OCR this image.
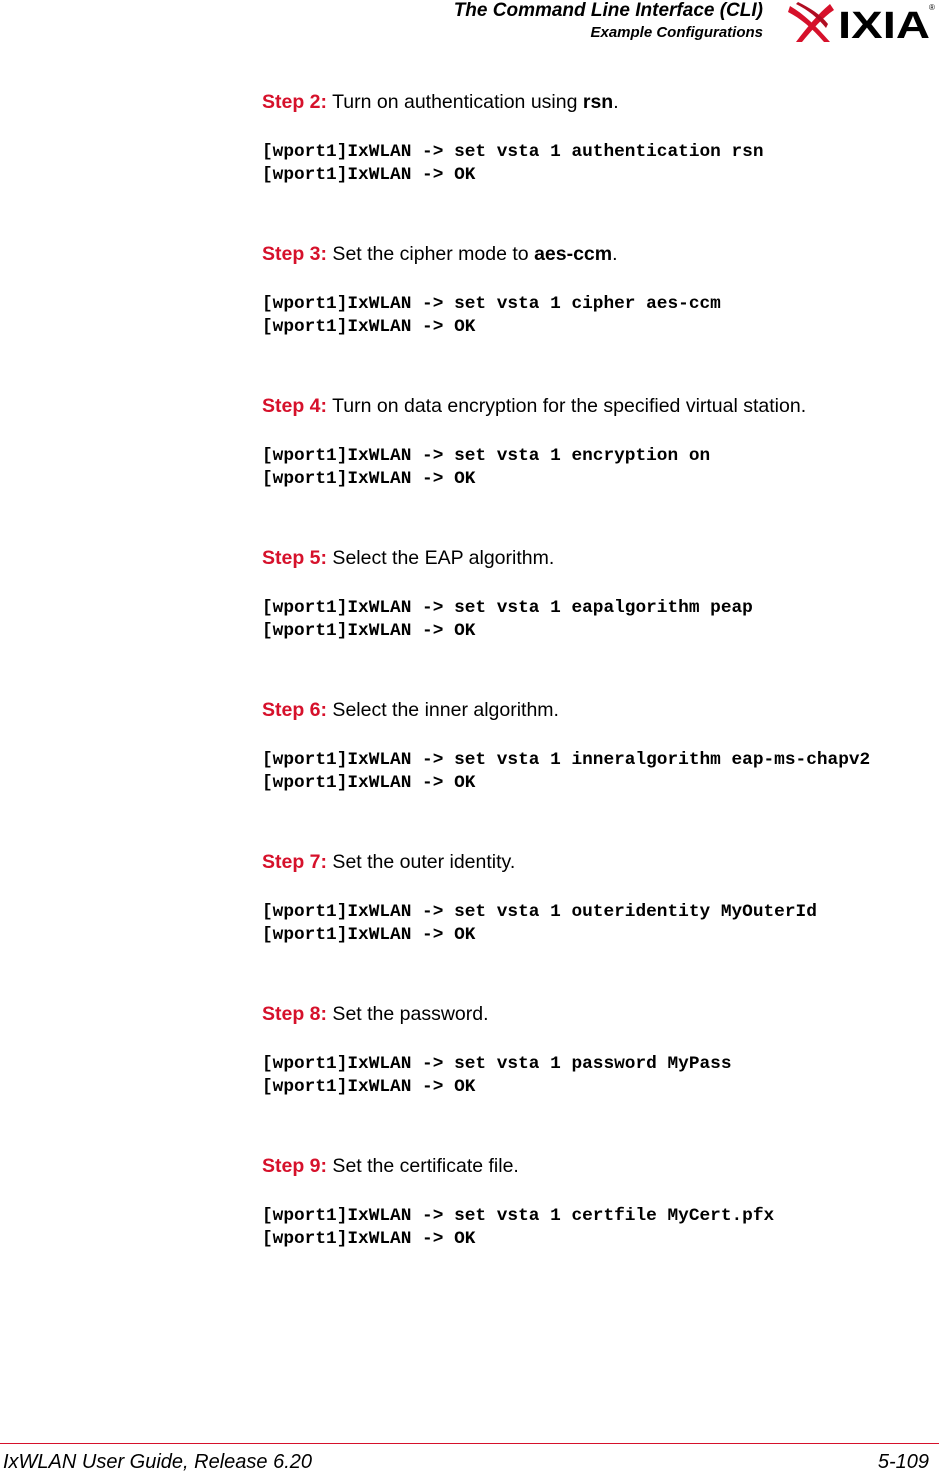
The Command Line Interface (CLI)
Example Configurations IXIA ®
Step 2: Turn on authentication using rsn.
[wport1]IxWLAN -> set vsta 1 authentication rsn
[wport1]IxWLAN -> OK
Step 3: Set the cipher mode to aes-ccm.
[wport1]IxWLAN -> set vsta 1 cipher aes-ccm
[wport1]IxWLAN -> OK
Step 4: Turn on data encryption for the specified virtual station.
[wport1]IxWLAN -> set vsta 1 encryption on
[wport1]IxWLAN -> OK
Step 5: Select the EAP algorithm.
[wport1]IxWLAN -> set vsta 1 eapalgorithm peap
[wport1]IxWLAN -> OK
Step 6: Select the inner algorithm.
[wport1]IxWLAN -> set vsta 1 inneralgorithm eap-ms-chapv2
[wport1]IxWLAN -> OK
Step 7: Set the outer identity.
[wport1]IxWLAN -> set vsta 1 outeridentity MyOuterId
[wport1]IxWLAN -> OK
Step 8: Set the password.
[wport1]IxWLAN -> set vsta 1 password MyPass
[wport1]IxWLAN -> OK
Step 9: Set the certificate file.
[wport1]IxWLAN -> set vsta 1 certfile MyCert.pfx
[wport1]IxWLAN -> OK
IxWLAN User Guide, Release 6.20	5-109
